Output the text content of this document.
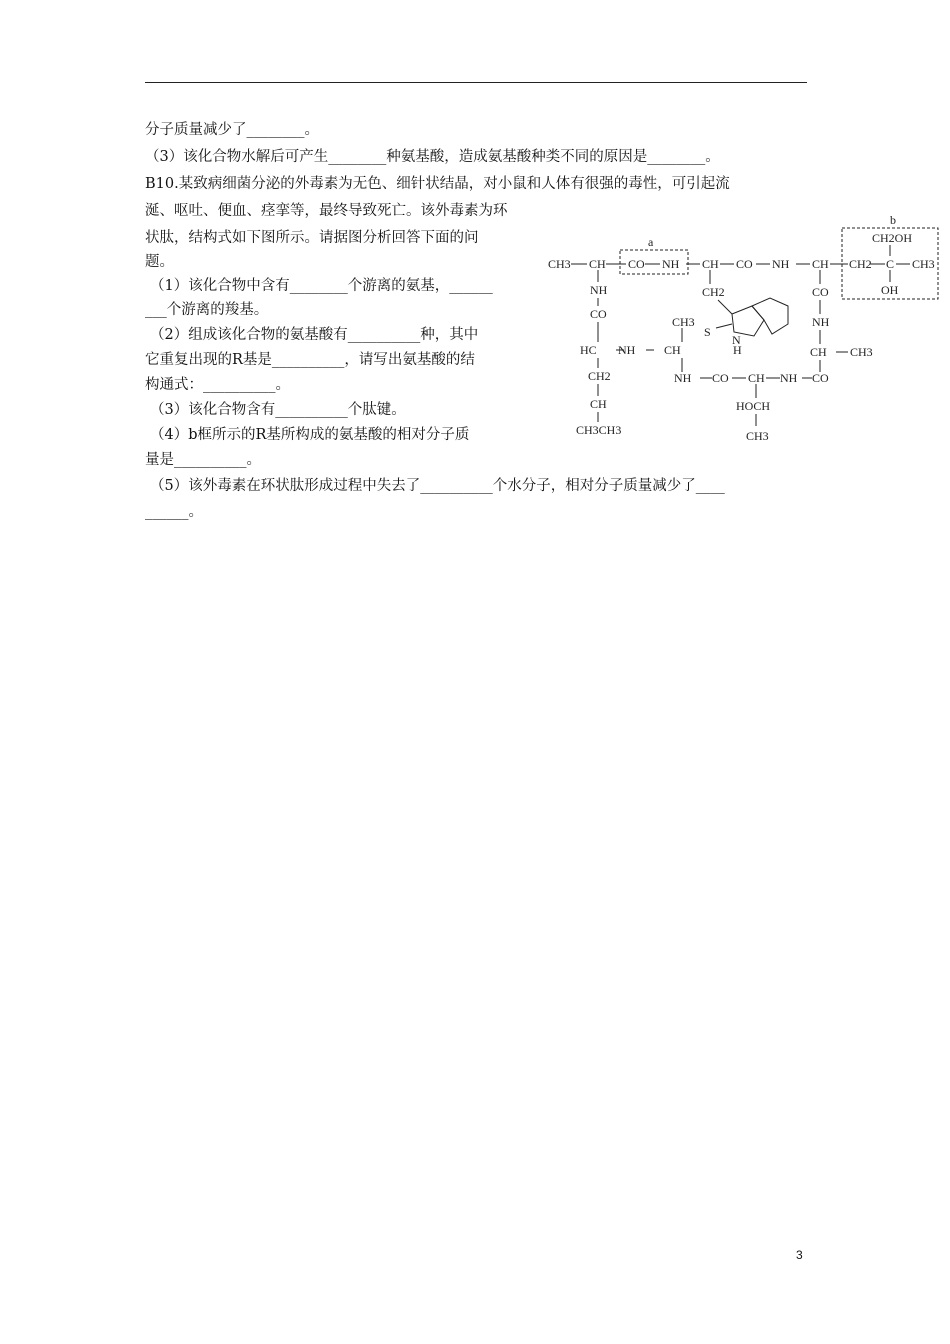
分子质量减少了________。
（3）该化合物水解后可产生________种氨基酸，造成氨基酸种类不同的原因是________。
B10.某致病细菌分泌的外毒素为无色、细针状结晶，对小鼠和人体有很强的毒性，可引起流
涎、呕吐、便血、痉挛等，最终导致死亡。该外毒素为环
状肽，结构式如下图所示。请据图分析回答下面的问
题。
（1）该化合物中含有________个游离的氨基，______
___个游离的羧基。
（2）组成该化合物的氨基酸有__________种，其中
它重复出现的R基是__________，请写出氨基酸的结
构通式：__________。
（3）该化合物含有__________个肽键。
（4）b框所示的R基所构成的氨基酸的相对分子质
量是__________。
（5）该外毒素在环状肽形成过程中失去了__________个水分子，相对分子质量减少了____
______。
a
b
CH3 CH CO NH CH CO NH CH CH2 C CH3
CH2OH
OH
NH
CO
HC NH CH
CH2
CH
CH3CH3
CH2
S
N
H
CH3
NH CO CH NH CO
HOCH
CH3
CO
NH
CH CH3
3
